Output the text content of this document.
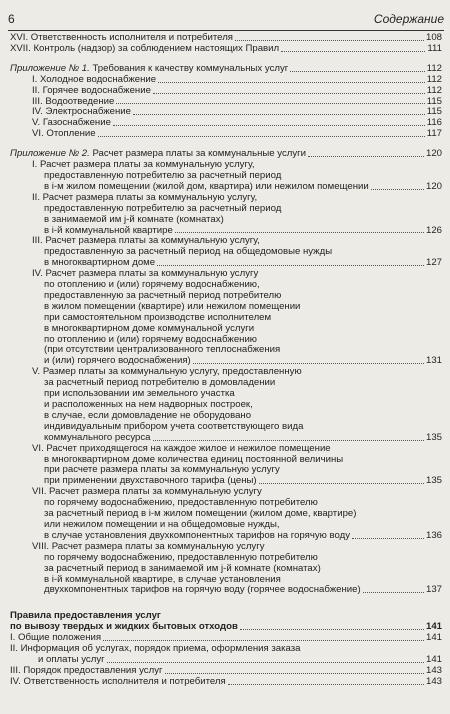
6	Содержание
XVI. Ответственность исполнителя и потребителя	108
XVII. Контроль (надзор) за соблюдением настоящих Правил	111
Приложение № 1. Требования к качеству коммунальных услуг	112
I. Холодное водоснабжение	112
II. Горячее водоснабжение	112
III. Водоотведение	115
IV. Электроснабжение	115
V. Газоснабжение	116
VI. Отопление	117
Приложение № 2. Расчет размера платы за коммунальные услуги	120
I. Расчет размера платы за коммунальную услугу,
предоставленную потребителю за расчетный период
в i-м жилом помещении (жилой дом, квартира) или нежилом помещении	120
II. Расчет размера платы за коммунальную услугу,
предоставленную потребителю за расчетный период
в занимаемой им j-й комнате (комнатах)
в i-й коммунальной квартире	126
III. Расчет размера платы за коммунальную услугу,
предоставленную за расчетный период на общедомовые нужды
в многоквартирном доме	127
IV. Расчет размера платы за коммунальную услугу
по отоплению и (или) горячему водоснабжению,
предоставленную за расчетный период потребителю
в жилом помещении (квартире) или нежилом помещении
при самостоятельном производстве исполнителем
в многоквартирном доме коммунальной услуги
по отоплению и (или) горячему водоснабжению
(при отсутствии централизованного теплоснабжения
и (или) горячего водоснабжения)	131
V. Размер платы за коммунальную услугу, предоставленную
за расчетный период потребителю в домовладении
при использовании им земельного участка
и расположенных на нем надворных построек,
в случае, если домовладение не оборудовано
индивидуальным прибором учета соответствующего вида
коммунального ресурса	135
VI. Расчет приходящегося на каждое жилое и нежилое помещение
в многоквартирном доме количества единиц постоянной величины
при расчете размера платы за коммунальную услугу
при применении двухставочного тарифа (цены)	135
VII. Расчет размера платы за коммунальную услугу
по горячему водоснабжению, предоставленную потребителю
за расчетный период в i-м жилом помещении (жилом доме, квартире)
или нежилом помещении и на общедомовые нужды,
в случае установления двухкомпонентных тарифов на горячую воду	136
VIII. Расчет размера платы за коммунальную услугу
по горячему водоснабжению, предоставленную потребителю
за расчетный период в занимаемой им j-й комнате (комнатах)
в i-й коммунальной квартире, в случае установления
двухкомпонентных тарифов на горячую воду (горячее водоснабжение)	137
Правила предоставления услуг
по вывозу твердых и жидких бытовых отходов	141
I. Общие положения	141
II. Информация об услугах, порядок приема, оформления заказа
и оплаты услуг	141
III. Порядок предоставления услуг	143
IV. Ответственность исполнителя и потребителя	143
